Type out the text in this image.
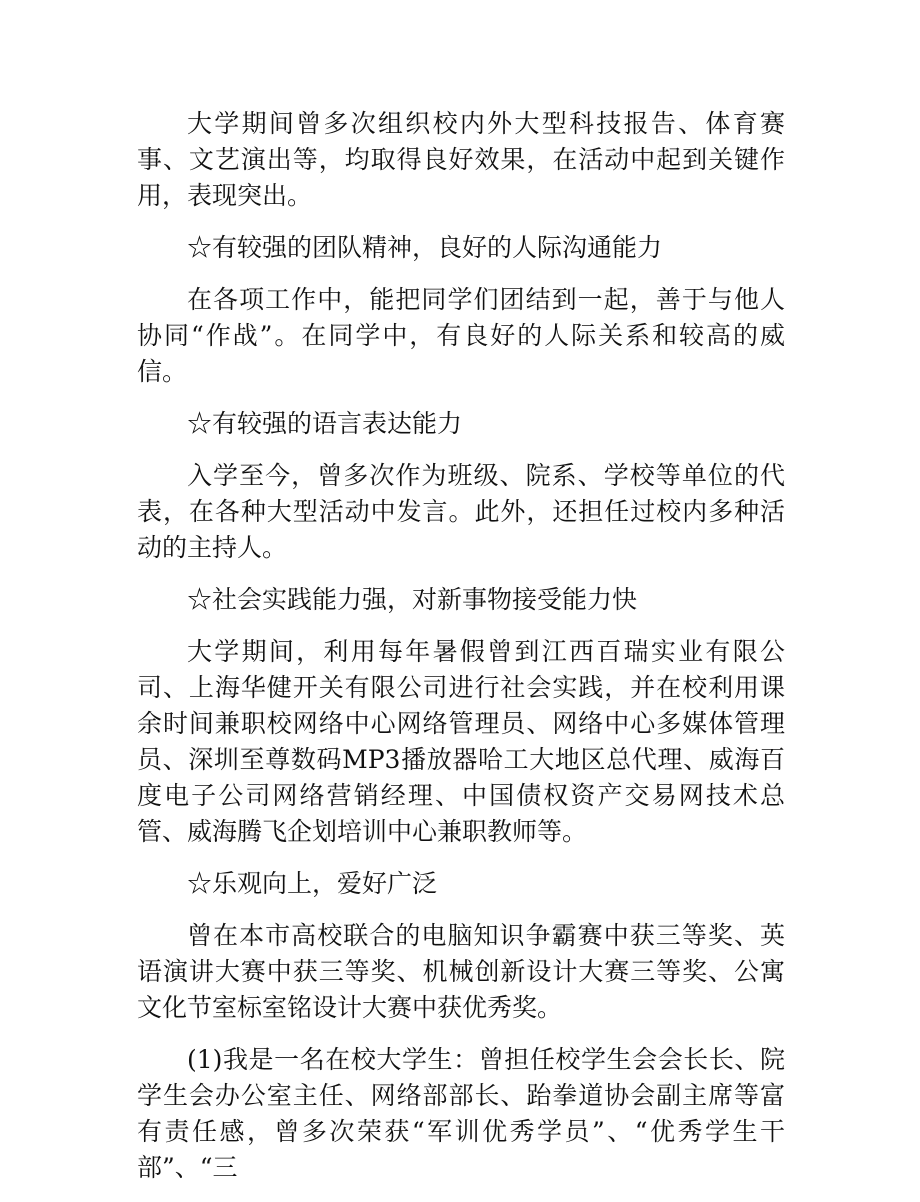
大学期间曾多次组织校内外大型科技报告、体育赛事、文艺演出等，均取得良好效果，在活动中起到关键作用，表现突出。

☆有较强的团队精神，良好的人际沟通能力

在各项工作中，能把同学们团结到一起，善于与他人协同“作战”。在同学中，有良好的人际关系和较高的威信。

☆有较强的语言表达能力

入学至今，曾多次作为班级、院系、学校等单位的代表，在各种大型活动中发言。此外，还担任过校内多种活动的主持人。

☆社会实践能力强，对新事物接受能力快

大学期间，利用每年暑假曾到江西百瑞实业有限公司、上海华健开关有限公司进行社会实践，并在校利用课余时间兼职校网络中心网络管理员、网络中心多媒体管理员、深圳至尊数码MP3播放器哈工大地区总代理、威海百度电子公司网络营销经理、中国债权资产交易网技术总管、威海腾飞企划培训中心兼职教师等。

☆乐观向上，爱好广泛

曾在本市高校联合的电脑知识争霸赛中获三等奖、英语演讲大赛中获三等奖、机械创新设计大赛三等奖、公寓文化节室标室铭设计大赛中获优秀奖。

(1)我是一名在校大学生：曾担任校学生会会长长、院学生会办公室主任、网络部部长、跆拳道协会副主席等富有责任感，曾多次荣获“军训优秀学员”、“优秀学生干部”、“三
